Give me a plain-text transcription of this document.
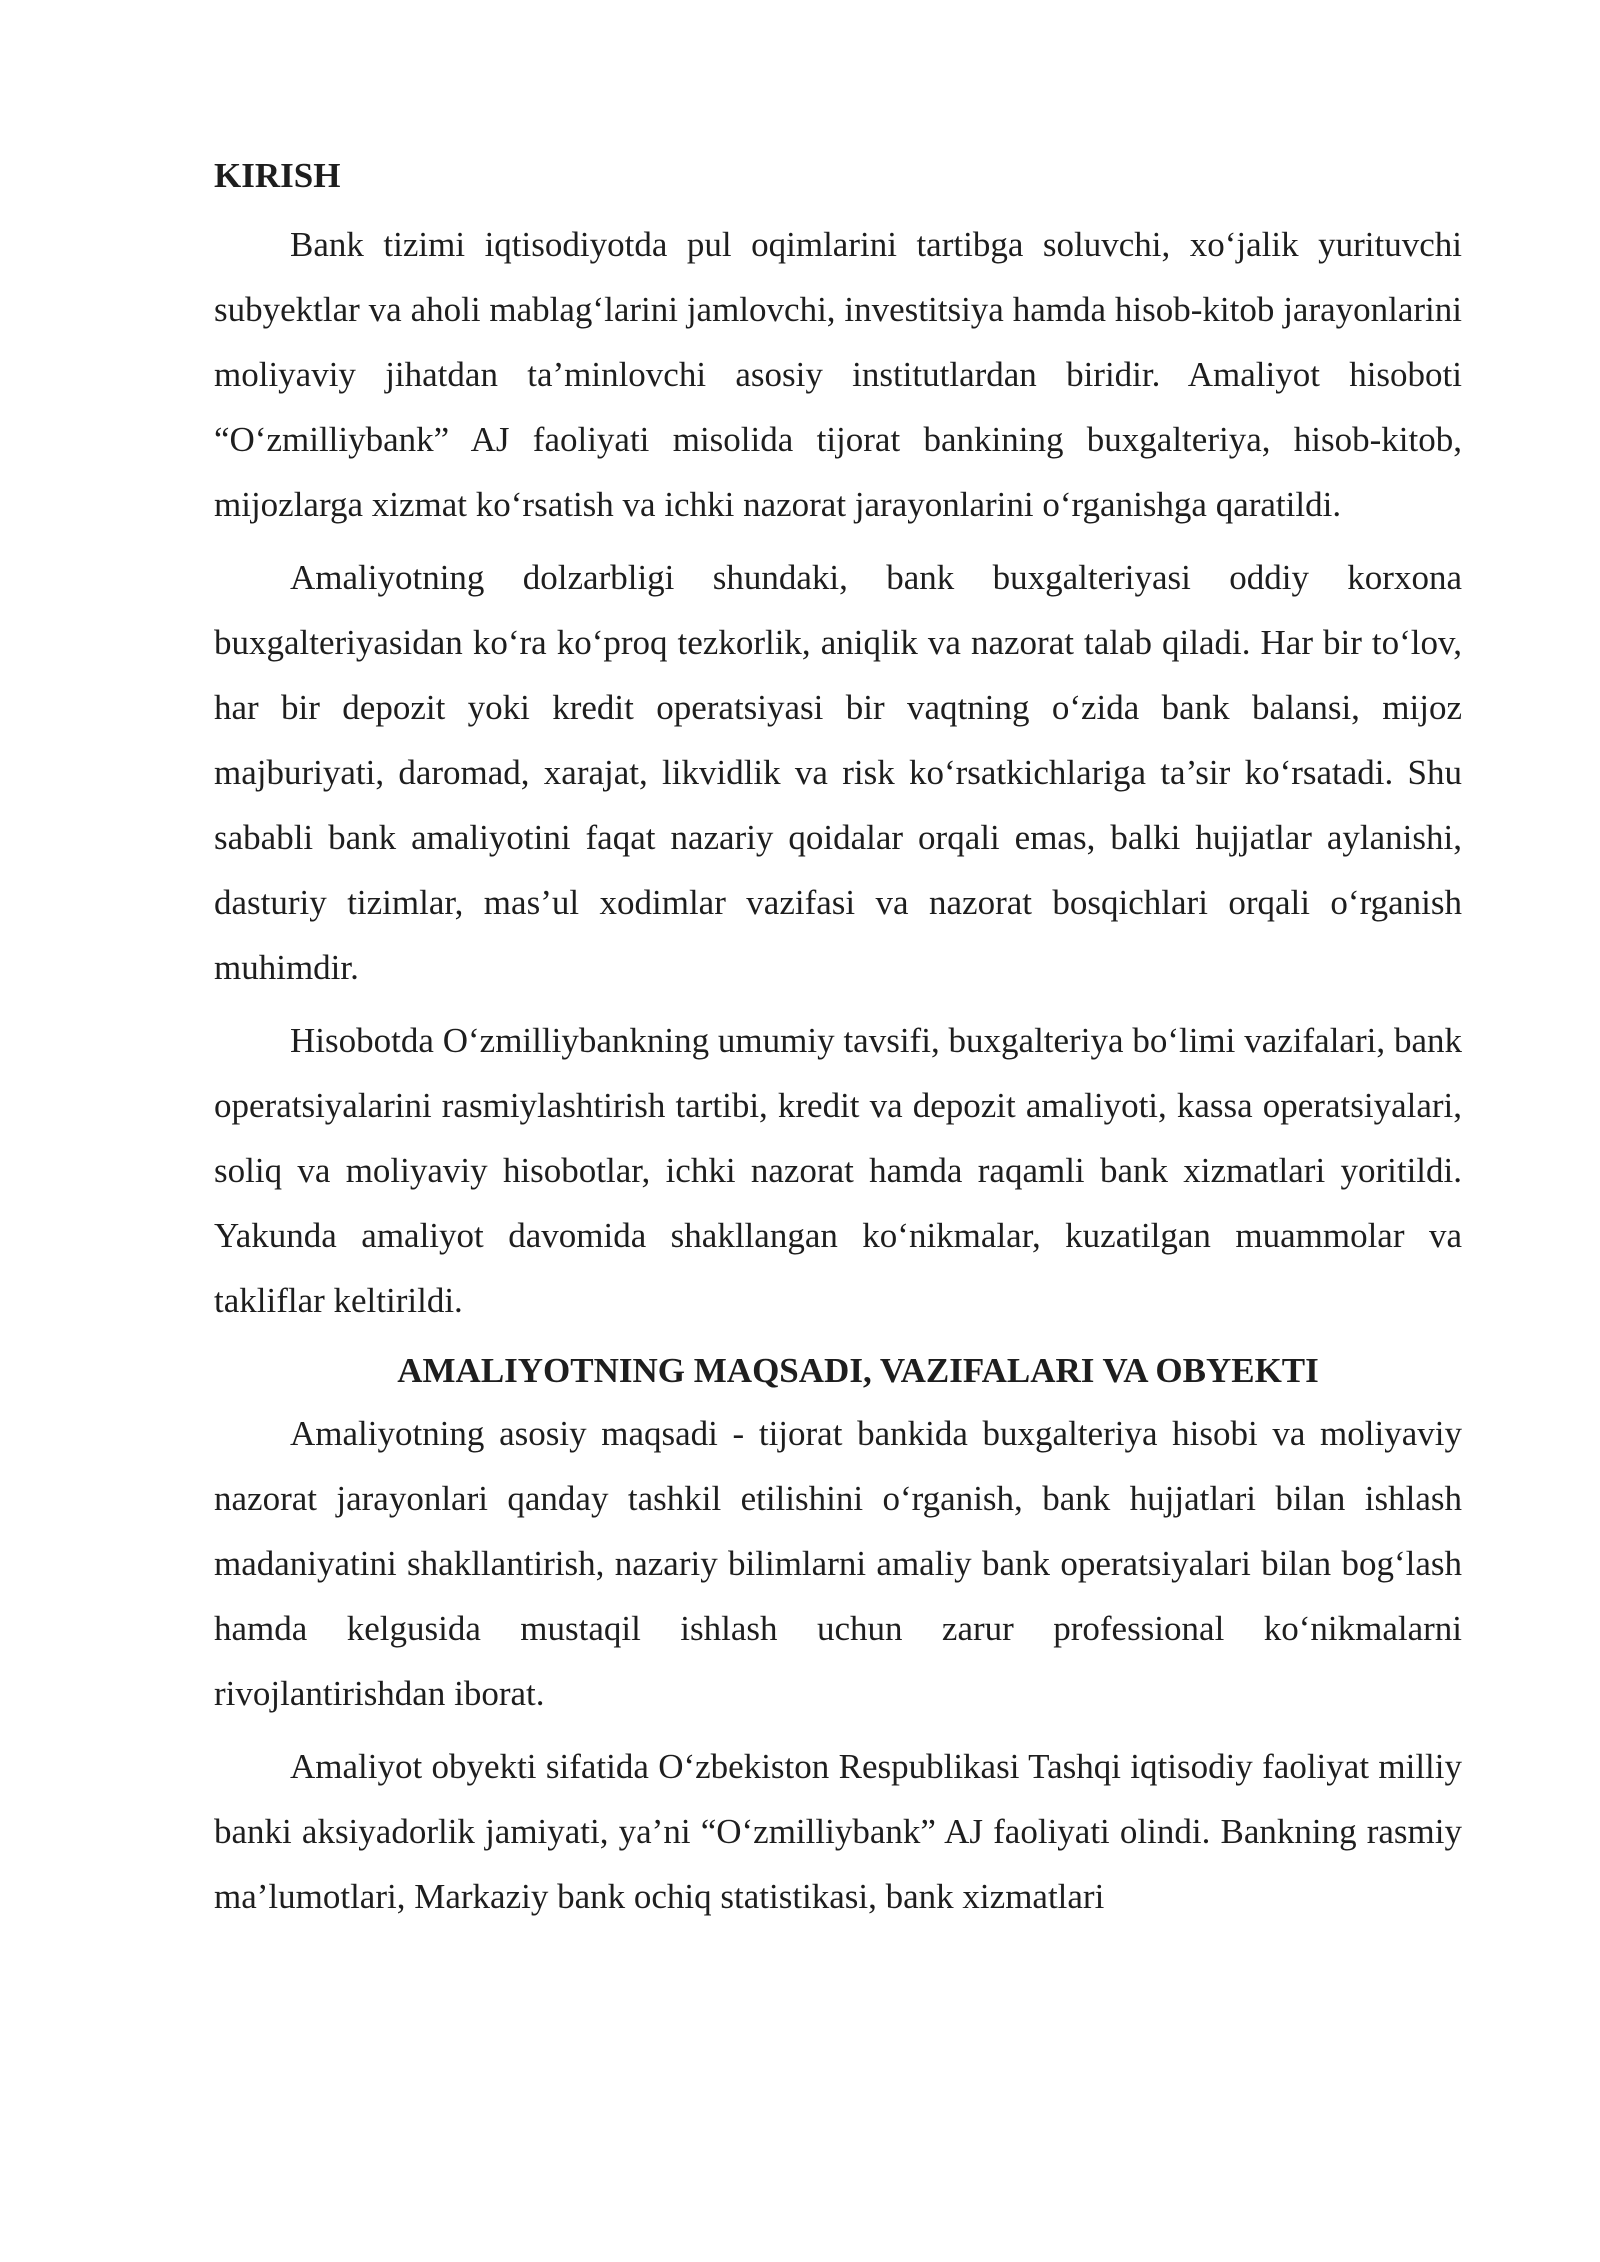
KIRISH

Bank tizimi iqtisodiyotda pul oqimlarini tartibga soluvchi, xo‘jalik yurituvchi subyektlar va aholi mablag‘larini jamlovchi, investitsiya hamda hisob-kitob jarayonlarini moliyaviy jihatdan ta’minlovchi asosiy institutlardan biridir. Amaliyot hisoboti “O‘zmilliybank” AJ faoliyati misolida tijorat bankining buxgalteriya, hisob-kitob, mijozlarga xizmat ko‘rsatish va ichki nazorat jarayonlarini o‘rganishga qaratildi.

Amaliyotning dolzarbligi shundaki, bank buxgalteriyasi oddiy korxona buxgalteriyasidan ko‘ra ko‘proq tezkorlik, aniqlik va nazorat talab qiladi. Har bir to‘lov, har bir depozit yoki kredit operatsiyasi bir vaqtning o‘zida bank balansi, mijoz majburiyati, daromad, xarajat, likvidlik va risk ko‘rsatkichlariga ta’sir ko‘rsatadi. Shu sababli bank amaliyotini faqat nazariy qoidalar orqali emas, balki hujjatlar aylanishi, dasturiy tizimlar, mas’ul xodimlar vazifasi va nazorat bosqichlari orqali o‘rganish muhimdir.

Hisobotda O‘zmilliybankning umumiy tavsifi, buxgalteriya bo‘limi vazifalari, bank operatsiyalarini rasmiylashtirish tartibi, kredit va depozit amaliyoti, kassa operatsiyalari, soliq va moliyaviy hisobotlar, ichki nazorat hamda raqamli bank xizmatlari yoritildi. Yakunda amaliyot davomida shakllangan ko‘nikmalar, kuzatilgan muammolar va takliflar keltirildi.

AMALIYOTNING MAQSADI, VAZIFALARI VA OBYEKTI

Amaliyotning asosiy maqsadi - tijorat bankida buxgalteriya hisobi va moliyaviy nazorat jarayonlari qanday tashkil etilishini o‘rganish, bank hujjatlari bilan ishlash madaniyatini shakllantirish, nazariy bilimlarni amaliy bank operatsiyalari bilan bog‘lash hamda kelgusida mustaqil ishlash uchun zarur professional ko‘nikmalarni rivojlantirishdan iborat.

Amaliyot obyekti sifatida O‘zbekiston Respublikasi Tashqi iqtisodiy faoliyat milliy banki aksiyadorlik jamiyati, ya’ni “O‘zmilliybank” AJ faoliyati olindi. Bankning rasmiy ma’lumotlari, Markaziy bank ochiq statistikasi, bank xizmatlari
